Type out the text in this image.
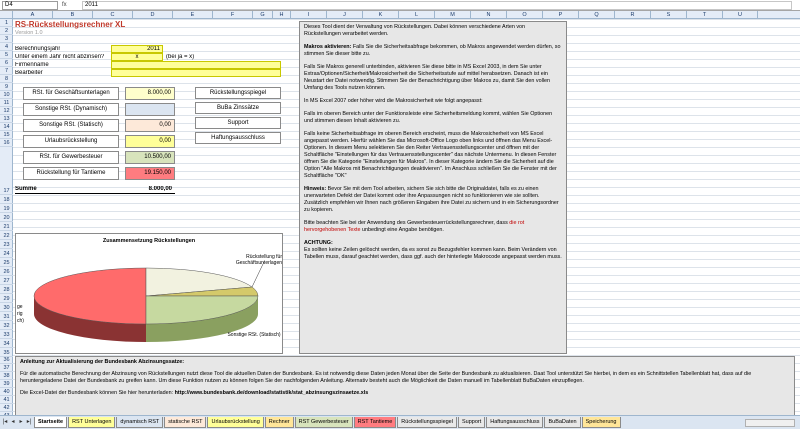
D4	fx	2011
A	B	C	D	E	F	G	H	I	J	K	L	M	N	O	P	Q	R	S	T	U
1
2
3
4
5
6
7
8
9
10
11
12
13
14
15
16
17
18
19
20
21
22
23
24
25
26
27
28
29
30
31
32
33
34
35
36
37
38
39
40
41
42
RS-Rückstellungsrechner XL
Version 1.0
Berechnungsjahr	2011
Unter einem Jahr nicht abzinsen?	x	(bei ja = x)
Firmenname
Bearbeiter
RSt. für Geschäftsunterlagen	8.000,00
Sonstige RSt. (Dynamisch)
Sonstige RSt. (Statisch)	0,00
Urlaubsrückstellung	0,00
RSt. für Gewerbesteuer	10.500,00
Rückstellung für Tantieme	19.150,00
Summe	8.000,00
Rückstellungsspiegel
BuBa Zinssätze
Support
Haftungsausschluss
Zusammensetzung Rückstellungen
Rückstellung für Geschäftsunterlagen
Sonstige RSt. (Statisch)
ge
rig
ch)

Dieses Tool dient der Verwaltung von Rückstellungen. Dabei können verschiedene Arten von Rückstellungen verarbeitet werden.

Makros aktivieren: Falls Sie die Sicherheitsabfrage bekommen, ob Makros angewendet werden dürfen, so stimmen Sie dieser bitte zu.

Falls Sie Makros generell unterbinden, aktivieren Sie diese bitte in MS Excel 2003, in dem Sie unter Extras/Optionen/Sicherheit/Makrosicherheit die Sicherheitsstufe auf mittel herabsetzen. Danach ist ein Neustart der Datei notwendig. Stimmen Sie der Benachrichtigung über Makros zu, damit Sie den vollen Umfang des Tools nutzen können.

In MS Excel 2007 oder höher wird die Makrosicherheit wie folgt angepasst:

Falls im oberen Bereich unter der Funktionsleiste eine Sicherheitsmeldung kommt, wählen Sie Optionen und stimmen diesen Inhalt aktivieren zu.

Falls keine Sicherheitsabfrage im oberen Bereich erscheint, muss die Makrosicherheit von MS Excel angepasst werden. Hierfür wählen Sie das Microsoft-Office Logo oben links und öffnen das Menu Excel-Optionen. In diesem Menu selektieren Sie den Reiter Vertrauensstellungscenter und öffnen mit der Schaltfläche "Einstellungen für das Vertrauensstellungscenter" das nächste Untermenu. In diesen Fenster öffnen Sie die Kategorie "Einstellungen für Makros". In dieser Kategorie ändern Sie die Sicherheit auf die Option "Alle Makros mit Benachrichtigungen deaktivieren". Im Anschluss schließen Sie die Fenster mit der Schaltfläche "OK"

Hinweis: Bevor Sie mit dem Tool arbeiten, sichern Sie sich bitte die Originaldatei, falls es zu einen unerwarteten Defekt der Datei kommt oder ihre Anpassungen nicht so funktionieren wie sie sollten. Zusätzlich empfehlen wir Ihnen nach größeren Eingaben ihre Datei zu sichern und in ein Sicherungsordner zu kopieren.

Bitte beachten Sie bei der Anwendung des Gewerbesteuerrückstellungsrechner, dass die rot hervorgehobenen Texte unbedingt eine Angabe benötigen.

ACHTUNG:
Es sollten keine Zeilen gelöscht werden, da es sonst zu Bezugsfehler kommen kann. Beim Verändern von Tabellen muss, darauf geachtet werden, dass ggf. auch der hinterlegte Makrocode angepasst werden muss.

Anleitung zur Aktualisierung der Bundesbank Abzinsungssatze:

Für die automatische Berechnung der Abzinsung von Rückstellungen nutzt diese Tool die aktuellen Daten der Bundesbank. Es ist notwendig diese Daten jeden Monat über die Seite der Bundesbank zu aktualisieren. Daat Tool unterstützt Sie hierbei, in dem es ein Schnittstellen Tabellenblatt hat, dass auf die heruntergeladene Datei der Bundesbank zu greifen kann. Um diese Funktion nutzen zu können folgen Sie der nachfolgenden Anleitung. Alternativ besteht auch die Möglichkeit die Daten manuell im Tabellenblatt BuBaDaten einzupflegen.

Die Excel-Datei der Bundesbank können Sie hier herunterladen: http://www.bundesbank.de/download/statistik/stat_abzinsungszinsaetze.xls

|◂ ◂ ▸ ▸|	Startseite	RST Unterlagen	dynamisch RST	statische RST	Urlaubsrückstellung	Rechner	RST Gewerbesteuer	RST Tantieme	Rückstellungsspiegel	Support	Haftungsausschluss	BuBaDaten	Speicherung
